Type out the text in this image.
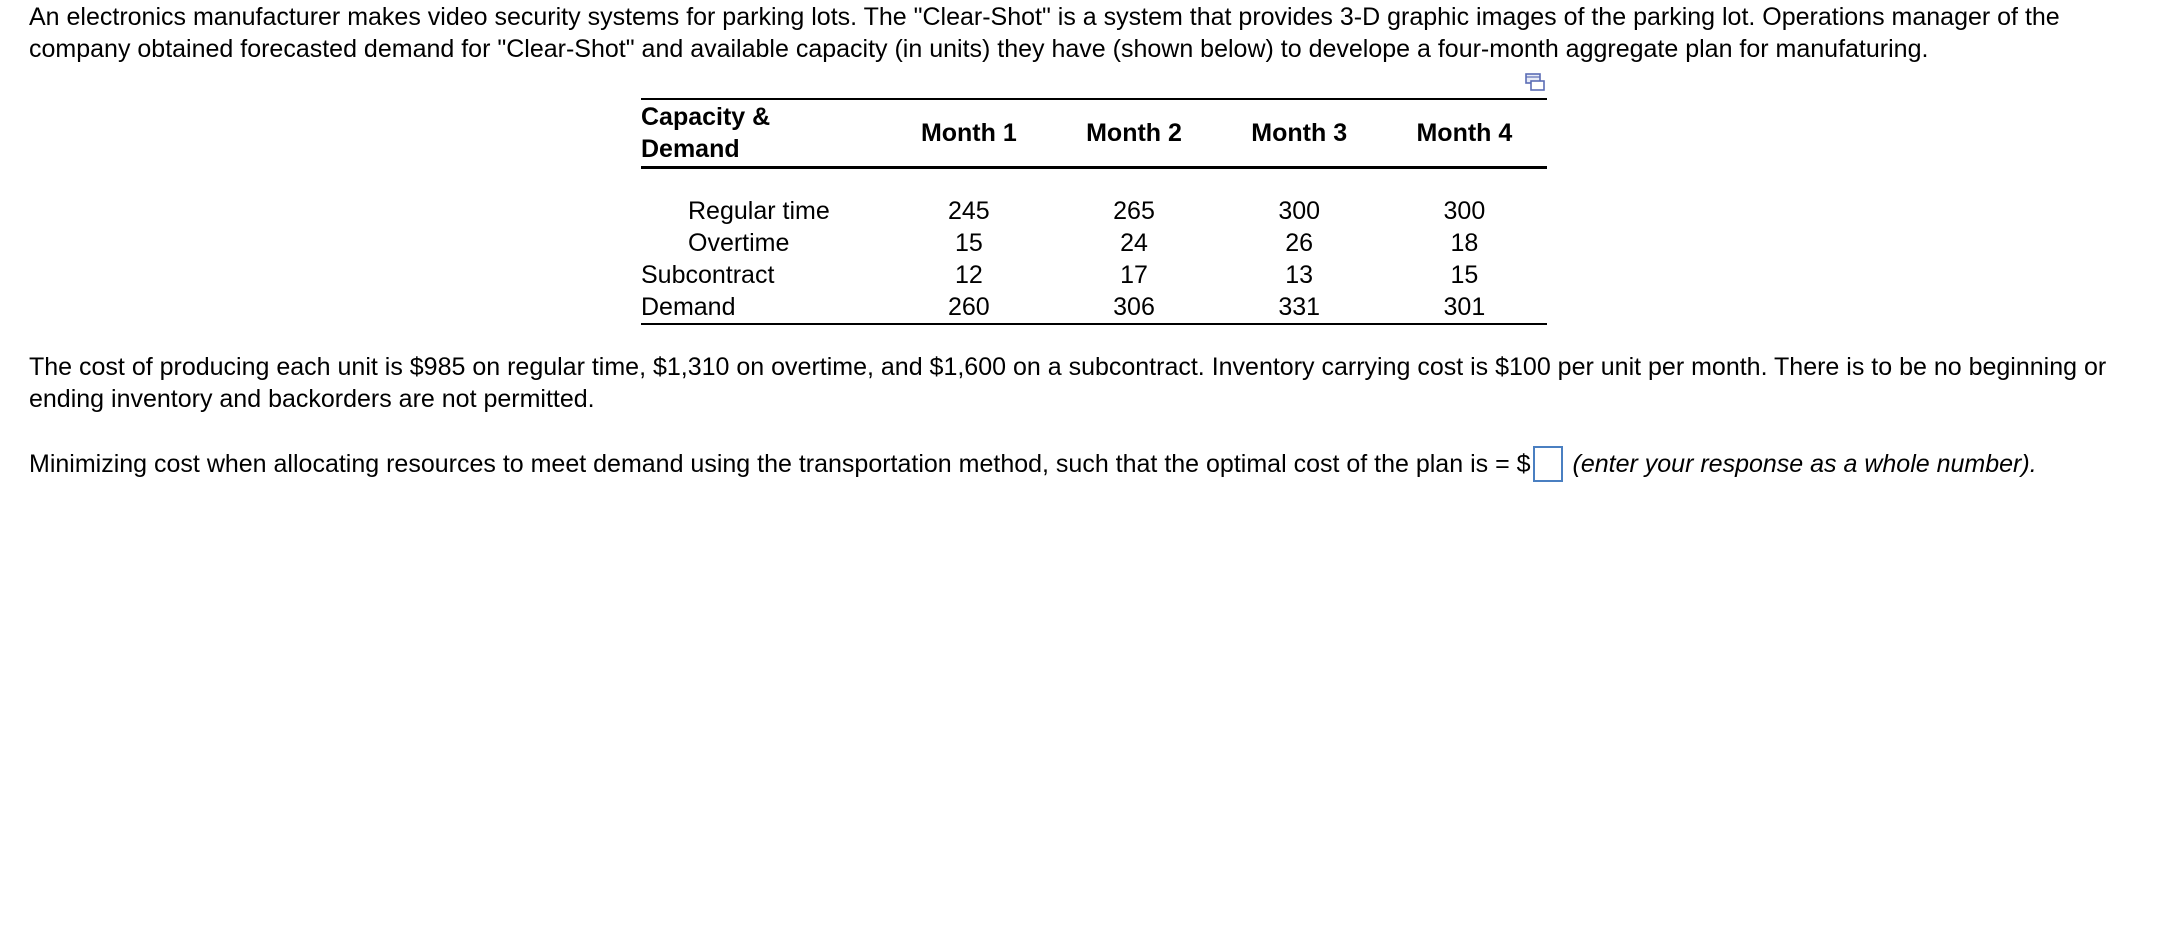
An electronics manufacturer makes video security systems for parking lots. The "Clear-Shot" is a system that provides 3-D graphic images of the parking lot. Operations manager of the company obtained forecasted demand for "Clear-Shot" and available capacity (in units) they have (shown below) to develope a four-month aggregate plan for manufaturing.

Capacity & Demand	Month 1	Month 2	Month 3	Month 4
Regular time	245	265	300	300
Overtime	15	24	26	18
Subcontract	12	17	13	15
Demand	260	306	331	301

The cost of producing each unit is $985 on regular time, $1,310 on overtime, and $1,600 on a subcontract. Inventory carrying cost is $100 per unit per month. There is to be no beginning or ending inventory and backorders are not permitted.

Minimizing cost when allocating resources to meet demand using the transportation method, such that the optimal cost of the plan is = $ (enter your response as a whole number).
